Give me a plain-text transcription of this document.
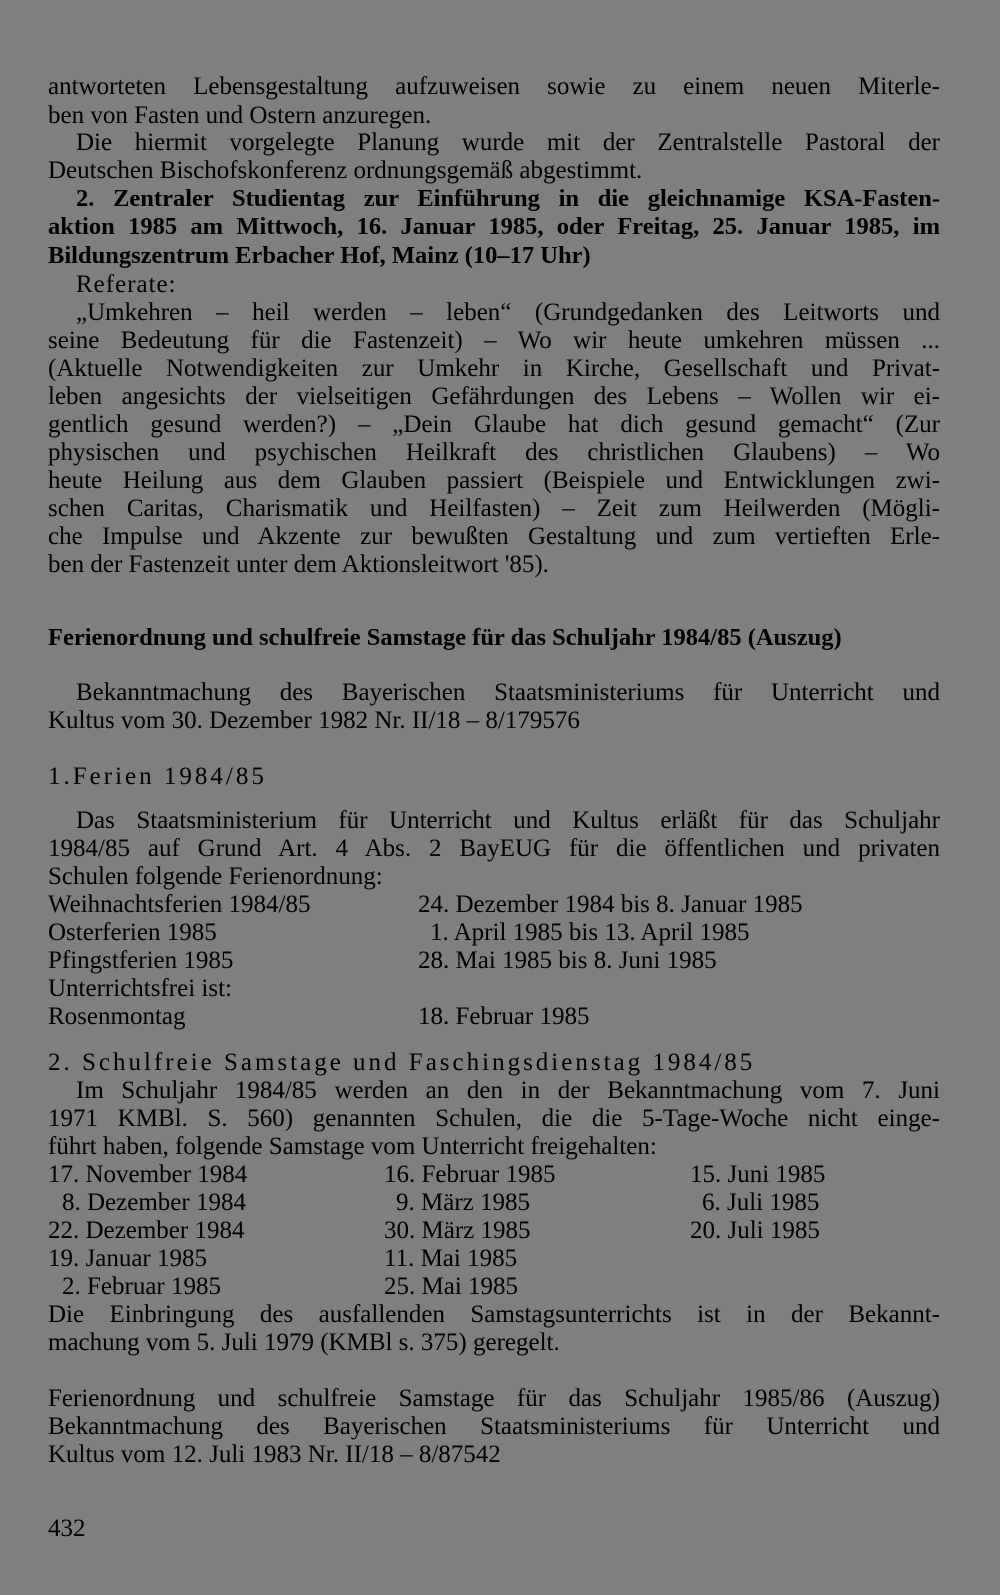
antworteten Lebensgestaltung aufzuweisen sowie zu einem neuen Miterle-
ben von Fasten und Ostern anzuregen.
Die hiermit vorgelegte Planung wurde mit der Zentralstelle Pastoral der
Deutschen Bischofskonferenz ordnungsgemäß abgestimmt.
2. Zentraler Studientag zur Einführung in die gleichnamige KSA-Fasten-
aktion 1985 am Mittwoch, 16. Januar 1985, oder Freitag, 25. Januar 1985, im
Bildungszentrum Erbacher Hof, Mainz (10–17 Uhr)
Referate:
„Umkehren – heil werden – leben“ (Grundgedanken des Leitworts und
seine Bedeutung für die Fastenzeit) – Wo wir heute umkehren müssen ...
(Aktuelle Notwendigkeiten zur Umkehr in Kirche, Gesellschaft und Privat-
leben angesichts der vielseitigen Gefährdungen des Lebens – Wollen wir ei-
gentlich gesund werden?) – „Dein Glaube hat dich gesund gemacht“ (Zur
physischen und psychischen Heilkraft des christlichen Glaubens) – Wo
heute Heilung aus dem Glauben passiert (Beispiele und Entwicklungen zwi-
schen Caritas, Charismatik und Heilfasten) – Zeit zum Heilwerden (Mögli-
che Impulse und Akzente zur bewußten Gestaltung und zum vertieften Erle-
ben der Fastenzeit unter dem Aktionsleitwort '85).
Ferienordnung und schulfreie Samstage für das Schuljahr 1984/85 (Auszug)
Bekanntmachung des Bayerischen Staatsministeriums für Unterricht und
Kultus vom 30. Dezember 1982 Nr. II/18 – 8/179576
1.Ferien 1984/85
Das Staatsministerium für Unterricht und Kultus erläßt für das Schuljahr
1984/85 auf Grund Art. 4 Abs. 2 BayEUG für die öffentlichen und privaten
Schulen folgende Ferienordnung:
Weihnachtsferien 1984/85	24. Dezember 1984 bis 8. Januar 1985
Osterferien 1985	1. April 1985 bis 13. April 1985
Pfingstferien 1985	28. Mai 1985 bis 8. Juni 1985
Unterrichtsfrei ist:
Rosenmontag	18. Februar 1985
2. Schulfreie Samstage und Faschingsdienstag 1984/85
Im Schuljahr 1984/85 werden an den in der Bekanntmachung vom 7. Juni
1971 KMBl. S. 560) genannten Schulen, die die 5-Tage-Woche nicht einge-
führt haben, folgende Samstage vom Unterricht freigehalten:
17. November 1984	16. Februar 1985	15. Juni 1985
8. Dezember 1984	9. März 1985	6. Juli 1985
22. Dezember 1984	30. März 1985	20. Juli 1985
19. Januar 1985	11. Mai 1985
2. Februar 1985	25. Mai 1985
Die Einbringung des ausfallenden Samstagsunterrichts ist in der Bekannt-
machung vom 5. Juli 1979 (KMBl s. 375) geregelt.
Ferienordnung und schulfreie Samstage für das Schuljahr 1985/86 (Auszug)
Bekanntmachung des Bayerischen Staatsministeriums für Unterricht und
Kultus vom 12. Juli 1983 Nr. II/18 – 8/87542
432
